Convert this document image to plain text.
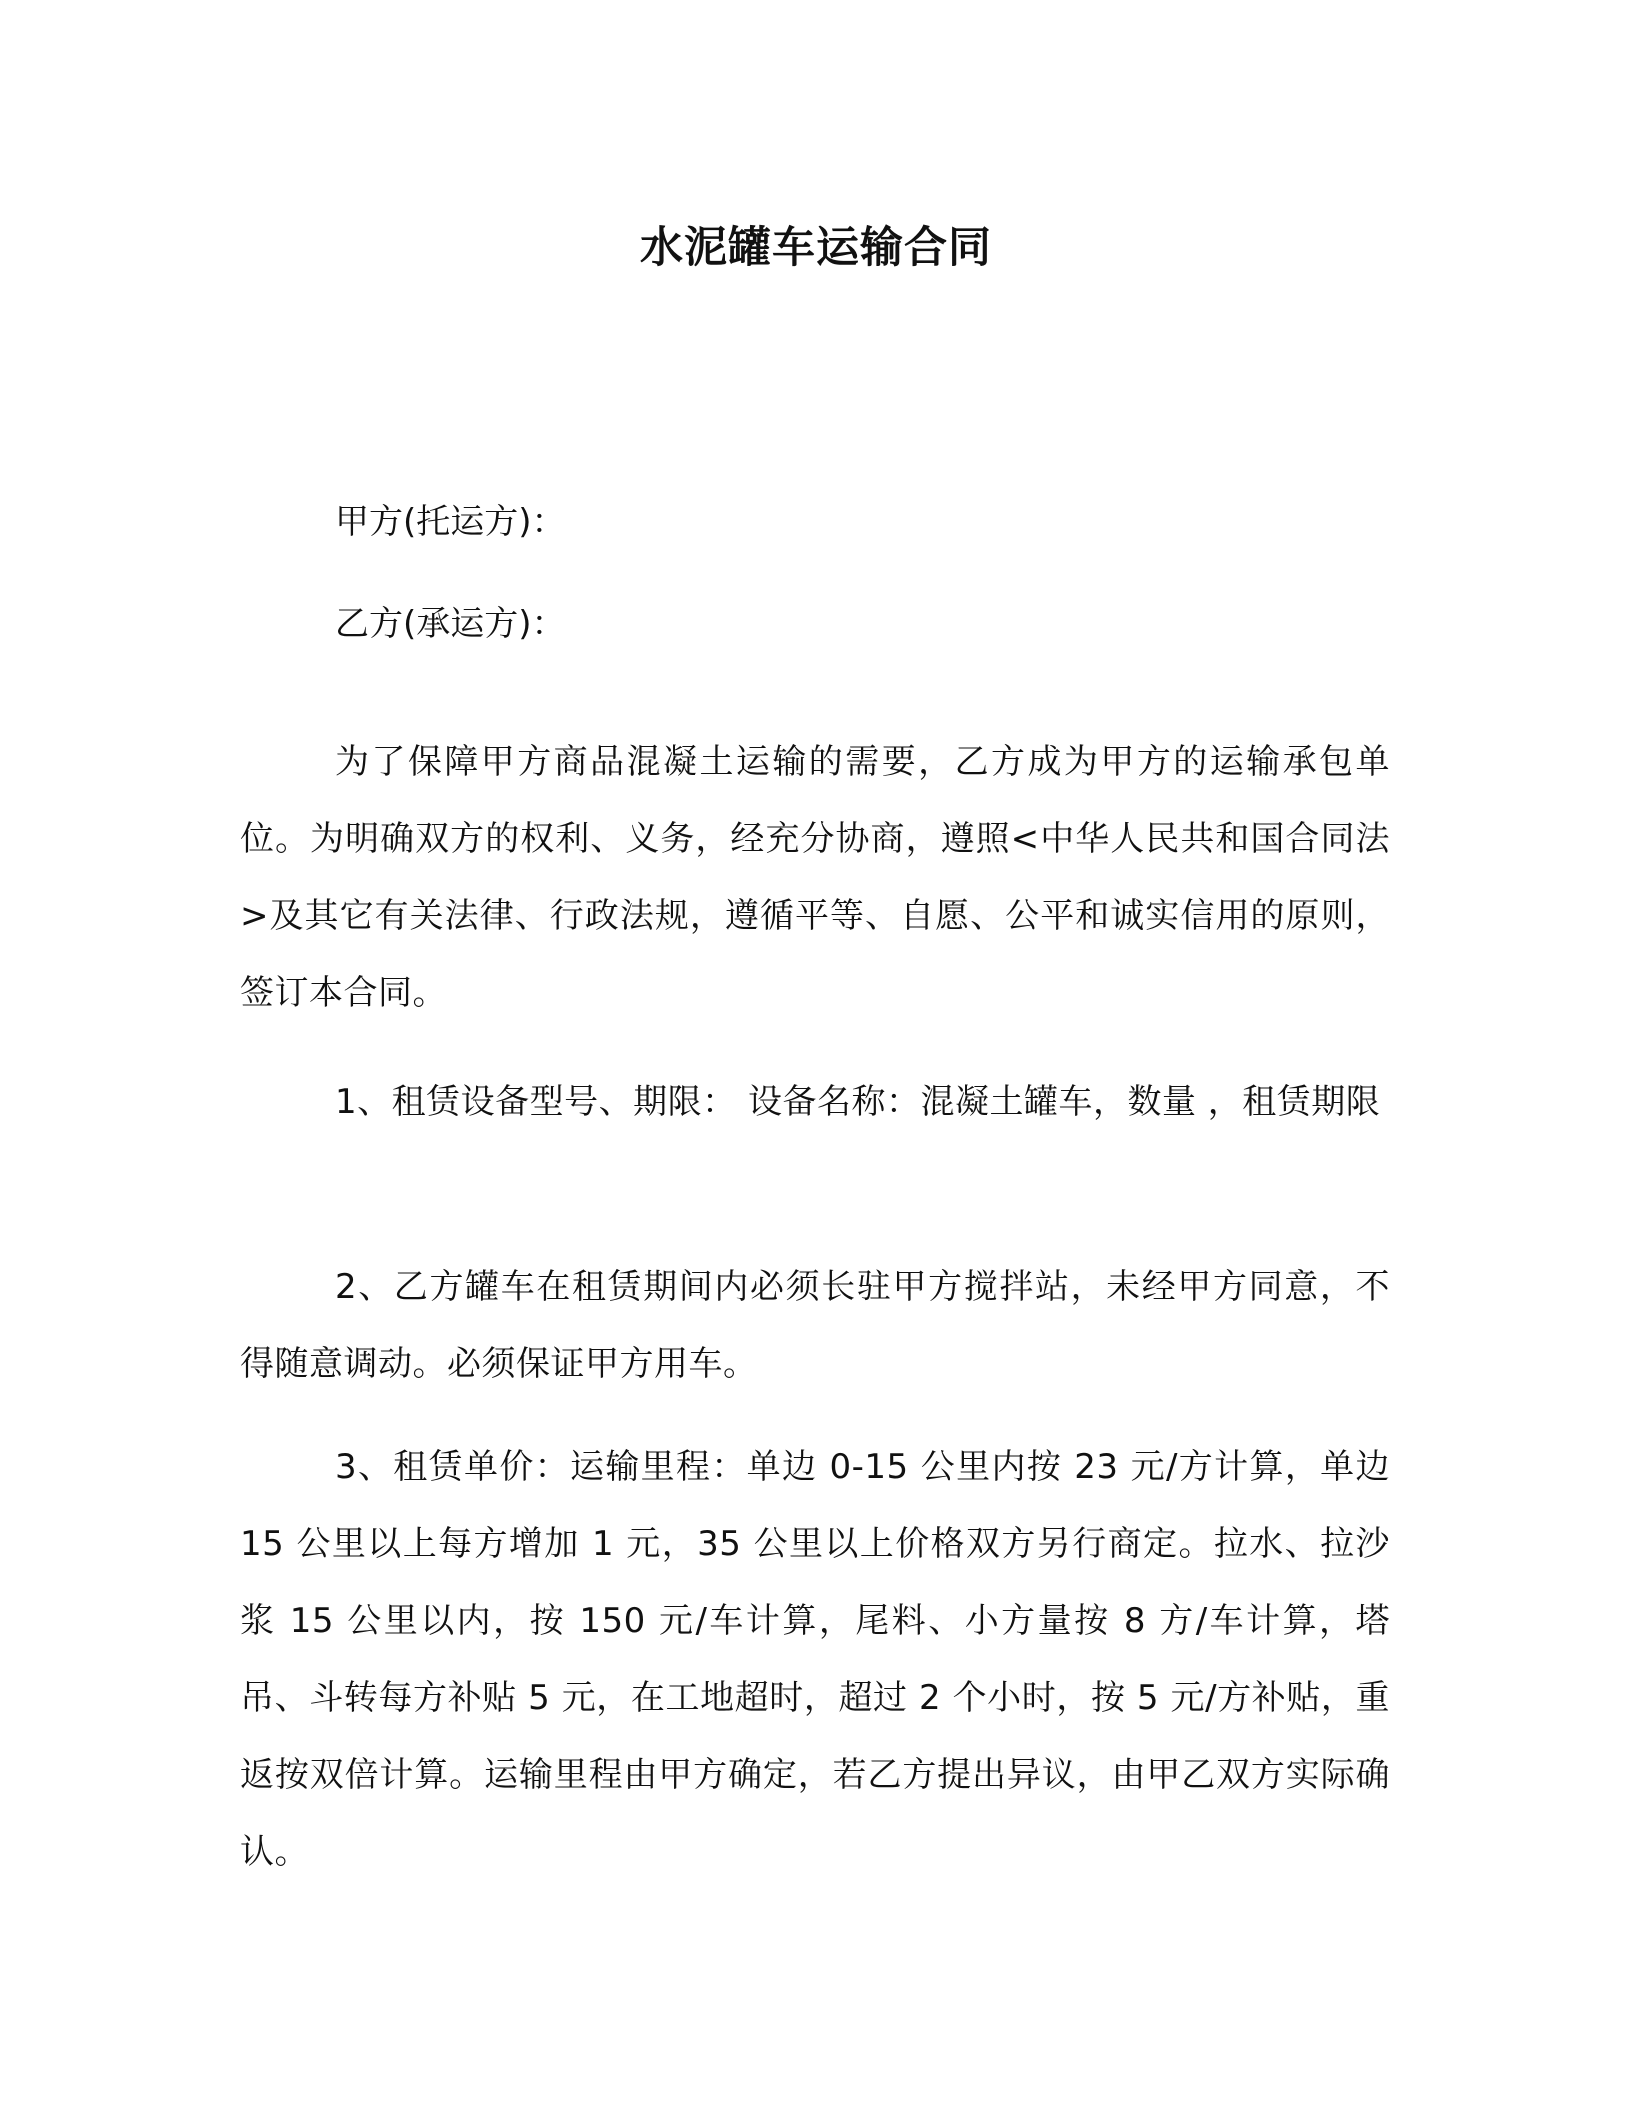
水泥罐车运输合同
甲方(托运方)：
乙方(承运方)：

为了保障甲方商品混凝土运输的需要，乙方成为甲方的运输承包单位。为明确双方的权利、义务，经充分协商，遵照<中华人民共和国合同法>及其它有关法律、行政法规，遵循平等、自愿、公平和诚实信用的原则，签订本合同。

1、租赁设备型号、期限： 设备名称：混凝土罐车，数量 ，租赁期限

2、乙方罐车在租赁期间内必须长驻甲方搅拌站，未经甲方同意，不得随意调动。必须保证甲方用车。

3、租赁单价：运输里程：单边 0-15 公里内按 23 元/方计算，单边 15 公里以上每方增加 1 元，35 公里以上价格双方另行商定。拉水、拉沙浆 15 公里以内，按 150 元/车计算，尾料、小方量按 8 方/车计算，塔吊、斗转每方补贴 5 元，在工地超时，超过 2 个小时，按 5 元/方补贴，重返按双倍计算。运输里程由甲方确定，若乙方提出异议，由甲乙双方实际确认。
